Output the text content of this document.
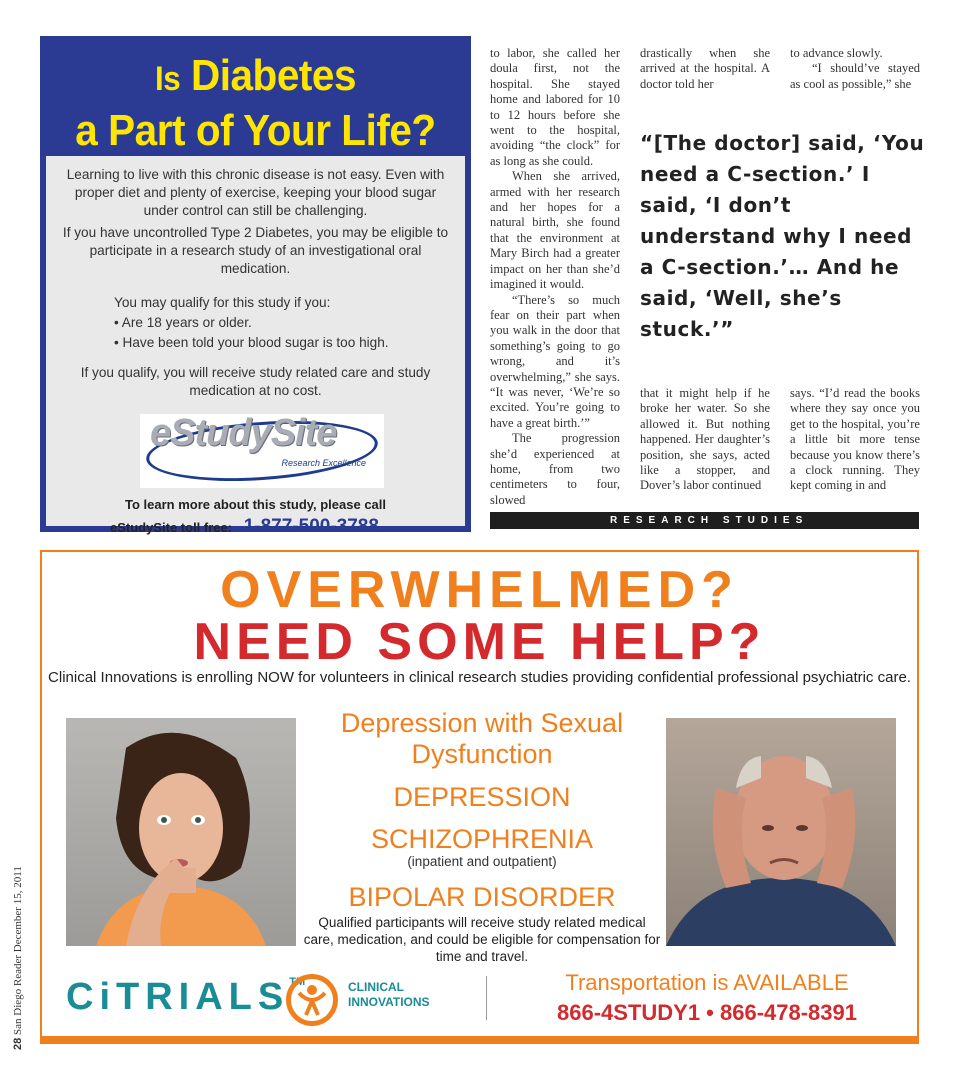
Is Diabetes
a Part of Your Life?

Learning to live with this chronic disease is not easy. Even with proper diet and plenty of exercise, keeping your blood sugar under control can still be challenging.

If you have uncontrolled Type 2 Diabetes, you may be eligible to participate in a research study of an investigational oral medication.

You may qualify for this study if you:
• Are 18 years or older.
• Have been told your blood sugar is too high.

If you qualify, you will receive study related care and study medication at no cost.

eStudySite
Research Excellence
To learn more about this study, please call
eStudySite toll free: 1-877-500-3788

to labor, she called her doula first, not the hospital. She stayed home and labored for 10 to 12 hours before she went to the hospital, avoiding “the clock” for as long as she could.

When she arrived, armed with her research and her hopes for a natural birth, she found that the environment at Mary Birch had a greater impact on her than she’d imagined it would.

“There’s so much fear on their part when you walk in the door that something’s going to go wrong, and it’s overwhelming,” she says. “It was never, ‘We’re so excited. You’re going to have a great birth.’”

The progression she’d experienced at home, from two centimeters to four, slowed

drastically when she arrived at the hospital. A doctor told her

to advance slowly.

“I should’ve stayed as cool as possible,” she

“[The doctor] said, ‘You need a C-section.’ I said, ‘I don’t understand why I need a C-section.’… And he said, ‘Well, she’s stuck.’”

that it might help if he broke her water. So she allowed it. But nothing happened. Her daughter’s position, she says, acted like a stopper, and Dover’s labor continued

says. “I’d read the books where they say once you get to the hospital, you’re a little bit more tense because you know there’s a clock running. They kept coming in and

RESEARCH STUDIES
OVERWHELMED?
NEED SOME HELP?
Clinical Innovations is enrolling NOW for volunteers in clinical research studies providing confidential professional psychiatric care.
Depression with Sexual Dysfunction
DEPRESSION
SCHIZOPHRENIA
(inpatient and outpatient)
BIPOLAR DISORDER
Qualified participants will receive study related medical care, medication, and could be eligible for compensation for time and travel.
CiTRIALS™	CLINICAL
INNOVATIONS
Transportation is AVAILABLE
866-4STUDY1 • 866-478-8391
28 San Diego Reader December 15, 2011
